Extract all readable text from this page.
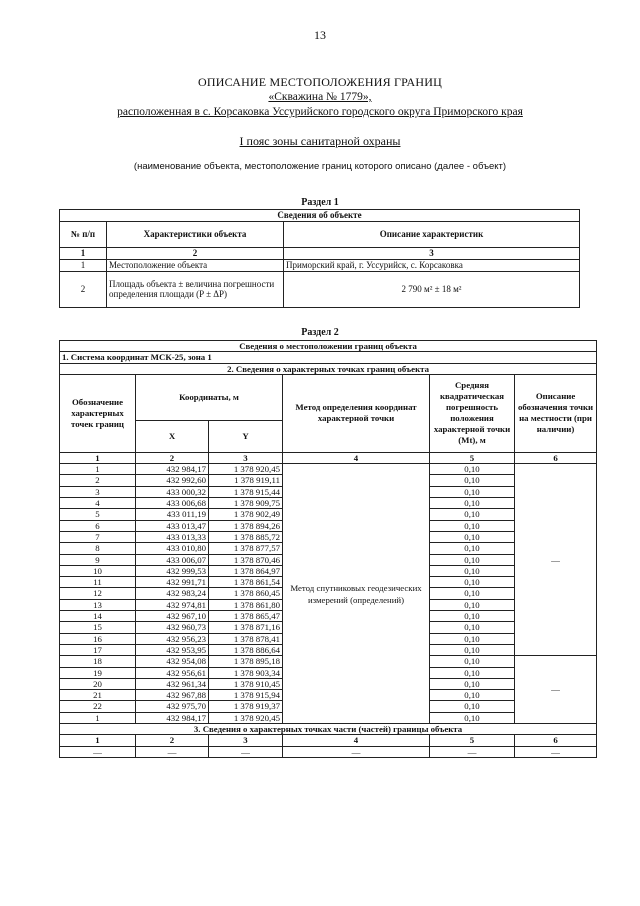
13
ОПИСАНИЕ МЕСТОПОЛОЖЕНИЯ ГРАНИЦ
«Скважина № 1779»,
расположенная в с. Корсаковка Уссурийского городского округа Приморского края
I пояс зоны санитарной охраны
(наименование объекта, местоположение границ которого описано (далее - объект)
Раздел 1
Сведения об объекте		
№ п/п	Характеристики объекта	Описание характеристик
1	2	3
1	Местоположение объекта	Приморский край, г. Уссурийск, с. Корсаковка
2	Площадь объекта ± величина погрешности определения площади (P ± ΔP)	2 790 м² ± 18 м²
Раздел 2
Сведения о местоположении границ объекта					
1. Система координат МСК-25, зона 1					
2. Сведения о характерных точках границ объекта					
Обозначение характерных точек границ	Координаты, м		Метод определения координат характерной точки	Средняя квадратическая погрешность положения характерной точки (Mt), м	Описание обозначения точки на местности (при наличии)
	X	Y			
1	2	3	4	5	6
1	432 984,17	1 378 920,45	Метод спутниковых геодезических измерений (определений)	0,10	—
2	432 992,60	1 378 919,11		0,10	
3	433 000,32	1 378 915,44		0,10	
4	433 006,68	1 378 909,75		0,10	
5	433 011,19	1 378 902,49		0,10	
6	433 013,47	1 378 894,26		0,10	
7	433 013,33	1 378 885,72		0,10	
8	433 010,80	1 378 877,57		0,10	
9	433 006,07	1 378 870,46		0,10	
10	432 999,53	1 378 864,97		0,10	
11	432 991,71	1 378 861,54		0,10	
12	432 983,24	1 378 860,45		0,10	
13	432 974,81	1 378 861,80		0,10	
14	432 967,10	1 378 865,47		0,10	
15	432 960,73	1 378 871,16		0,10	
16	432 956,23	1 378 878,41		0,10	
17	432 953,95	1 378 886,64		0,10	
18	432 954,08	1 378 895,18		0,10	—
19	432 956,61	1 378 903,34		0,10	
20	432 961,34	1 378 910,45		0,10	
21	432 967,88	1 378 915,94		0,10	
22	432 975,70	1 378 919,37		0,10	
1	432 984,17	1 378 920,45		0,10	
3. Сведения о характерных точках части (частей) границы объекта					
1	2	3	4	5	6
—	—	—	—	—	—
